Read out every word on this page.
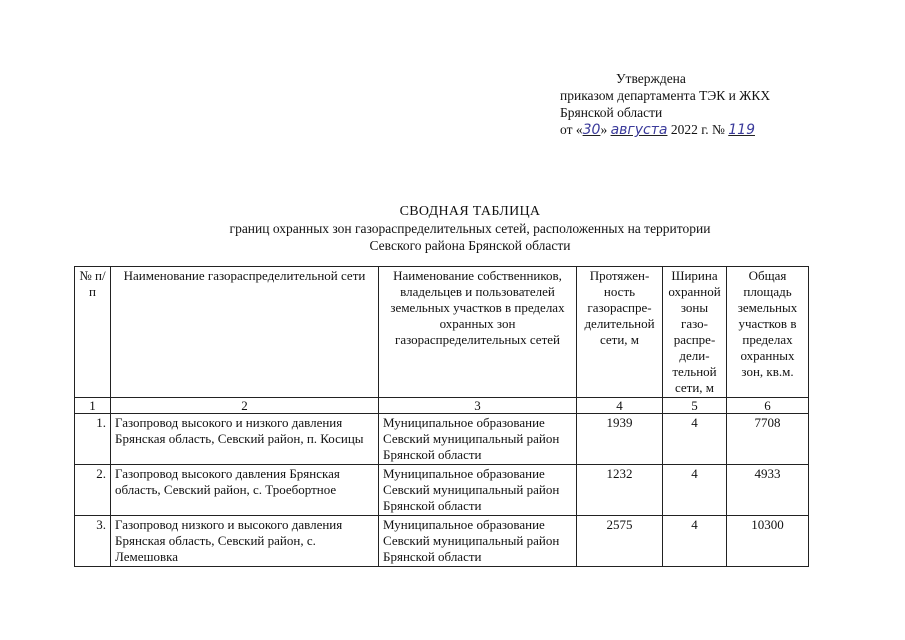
Утверждена
приказом департамента ТЭК и ЖКХ
Брянской области
от «30» августа 2022 г. № 119
СВОДНАЯ ТАБЛИЦА
границ охранных зон газораспределительных сетей, расположенных на территории
Севского района Брянской области
№ п/п	Наименование газораспределительной сети	Наименование собственников, владельцев и пользователей земельных участков в пределах охранных зон газораспределительных сетей	Протяжен-ность газораспре-делительной сети, м	Ширина охранной зоны газо-распре-дели-тельной сети, м	Общая площадь земельных участков в пределах охранных зон, кв.м.
1	2	3	4	5	6
1.	Газопровод высокого и низкого давления Брянская область, Севский район, п. Косицы	Муниципальное образование Севский муниципальный район Брянской области	1939	4	7708
2.	Газопровод высокого давления Брянская область, Севский район, с. Троебортное	Муниципальное образование Севский муниципальный район Брянской области	1232	4	4933
3.	Газопровод низкого и высокого давления Брянская область, Севский район, с. Лемешовка	Муниципальное образование Севский муниципальный район Брянской области	2575	4	10300
